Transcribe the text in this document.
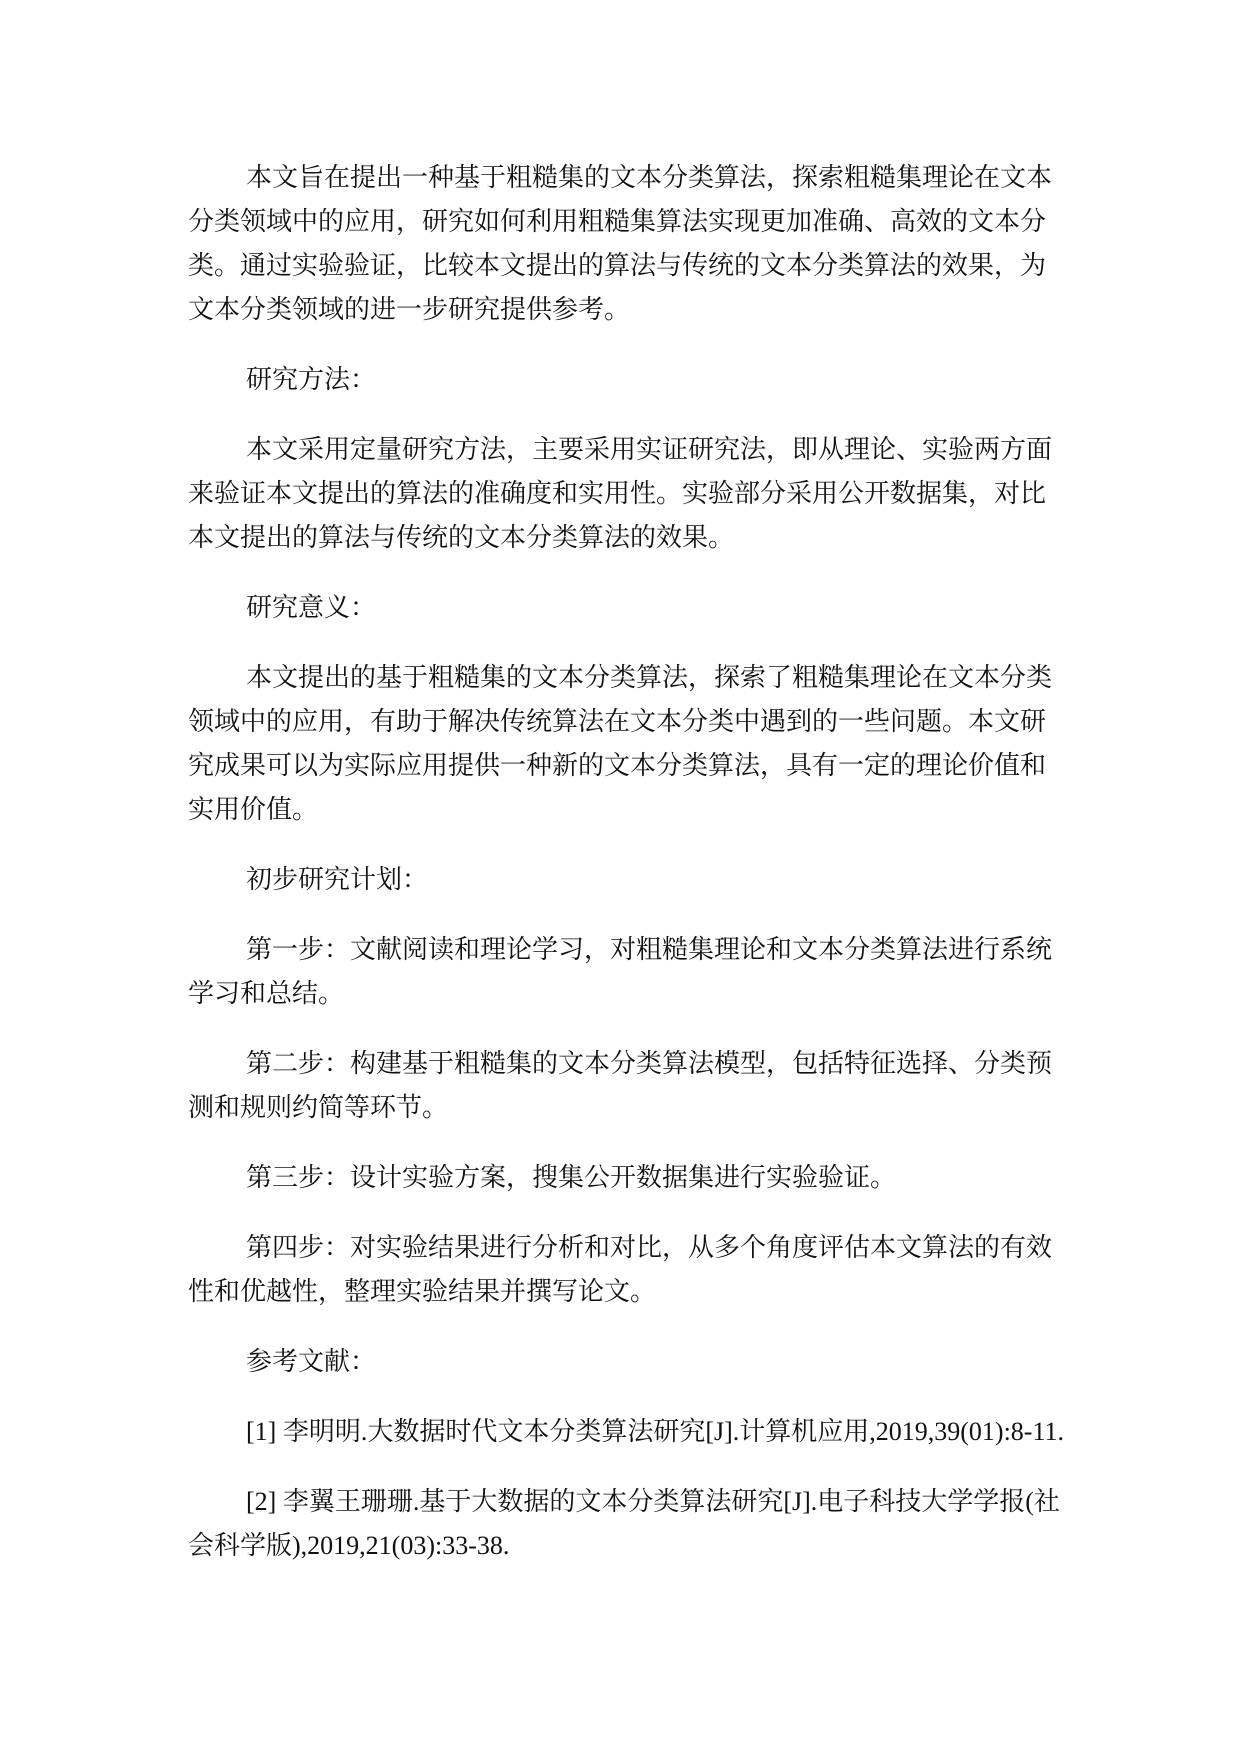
本文旨在提出一种基于粗糙集的文本分类算法，探索粗糙集理论在文本分类领域中的应用，研究如何利用粗糙集算法实现更加准确、高效的文本分类。通过实验验证，比较本文提出的算法与传统的文本分类算法的效果，为文本分类领域的进一步研究提供参考。

研究方法：

本文采用定量研究方法，主要采用实证研究法，即从理论、实验两方面来验证本文提出的算法的准确度和实用性。实验部分采用公开数据集，对比本文提出的算法与传统的文本分类算法的效果。

研究意义：

本文提出的基于粗糙集的文本分类算法，探索了粗糙集理论在文本分类领域中的应用，有助于解决传统算法在文本分类中遇到的一些问题。本文研究成果可以为实际应用提供一种新的文本分类算法，具有一定的理论价值和实用价值。

初步研究计划：

第一步：文献阅读和理论学习，对粗糙集理论和文本分类算法进行系统学习和总结。

第二步：构建基于粗糙集的文本分类算法模型，包括特征选择、分类预测和规则约简等环节。

第三步：设计实验方案，搜集公开数据集进行实验验证。

第四步：对实验结果进行分析和对比，从多个角度评估本文算法的有效性和优越性，整理实验结果并撰写论文。

参考文献：

[1] 李明明.大数据时代文本分类算法研究[J].计算机应用,2019,39(01):8-11.

[2] 李翼王珊珊.基于大数据的文本分类算法研究[J].电子科技大学学报(社会科学版),2019,21(03):33-38.
